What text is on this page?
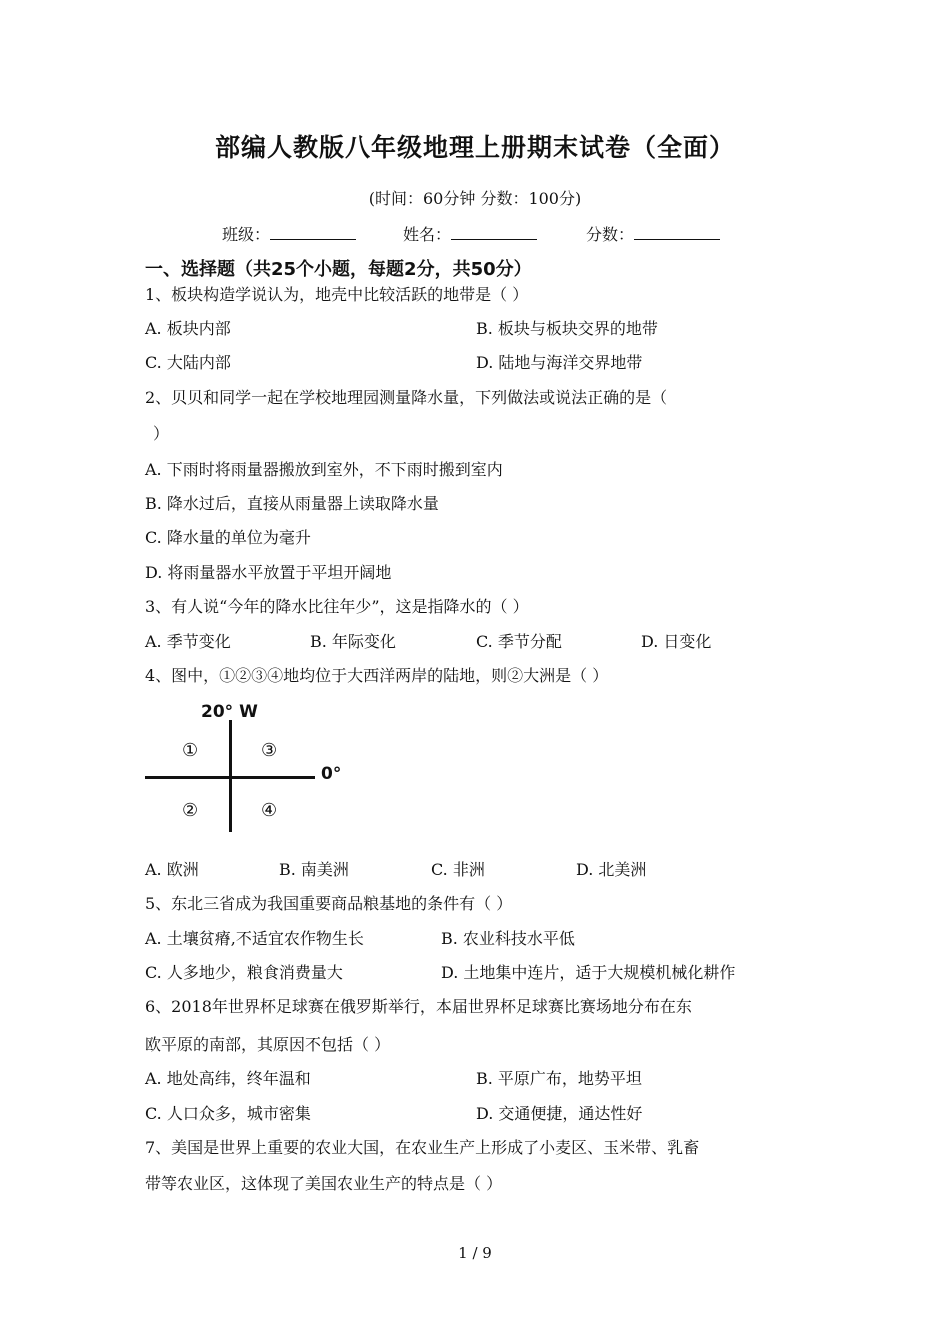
部编人教版八年级地理上册期末试卷（全面）
(时间：60分钟 分数：100分)
班级：	姓名：	分数：
一、选择题（共25个小题，每题2分，共50分）
1、板块构造学说认为，地壳中比较活跃的地带是（ ）
A. 板块内部	B. 板块与板块交界的地带
C. 大陆内部	D. 陆地与海洋交界地带
2、贝贝和同学一起在学校地理园测量降水量，下列做法或说法正确的是（
）
A. 下雨时将雨量器搬放到室外，不下雨时搬到室内
B. 降水过后，直接从雨量器上读取降水量
C. 降水量的单位为毫升
D. 将雨量器水平放置于平坦开阔地
3、有人说“今年的降水比往年少”，这是指降水的（ ）
A. 季节变化	B. 年际变化	C. 季节分配	D. 日变化
4、图中，①②③④地均位于大西洋两岸的陆地，则②大洲是（ ）
20° W
0°
①	③
②	④
A. 欧洲	B. 南美洲	C. 非洲	D. 北美洲
5、东北三省成为我国重要商品粮基地的条件有（ ）
A. 土壤贫瘠,不适宜农作物生长	B. 农业科技水平低
C. 人多地少，粮食消费量大	D. 土地集中连片，适于大规模机械化耕作
6、2018年世界杯足球赛在俄罗斯举行，本届世界杯足球赛比赛场地分布在东
欧平原的南部，其原因不包括（ ）
A. 地处高纬，终年温和	B. 平原广布，地势平坦
C. 人口众多，城市密集	D. 交通便捷，通达性好
7、美国是世界上重要的农业大国，在农业生产上形成了小麦区、玉米带、乳畜
带等农业区，这体现了美国农业生产的特点是（ ）
1 / 9
